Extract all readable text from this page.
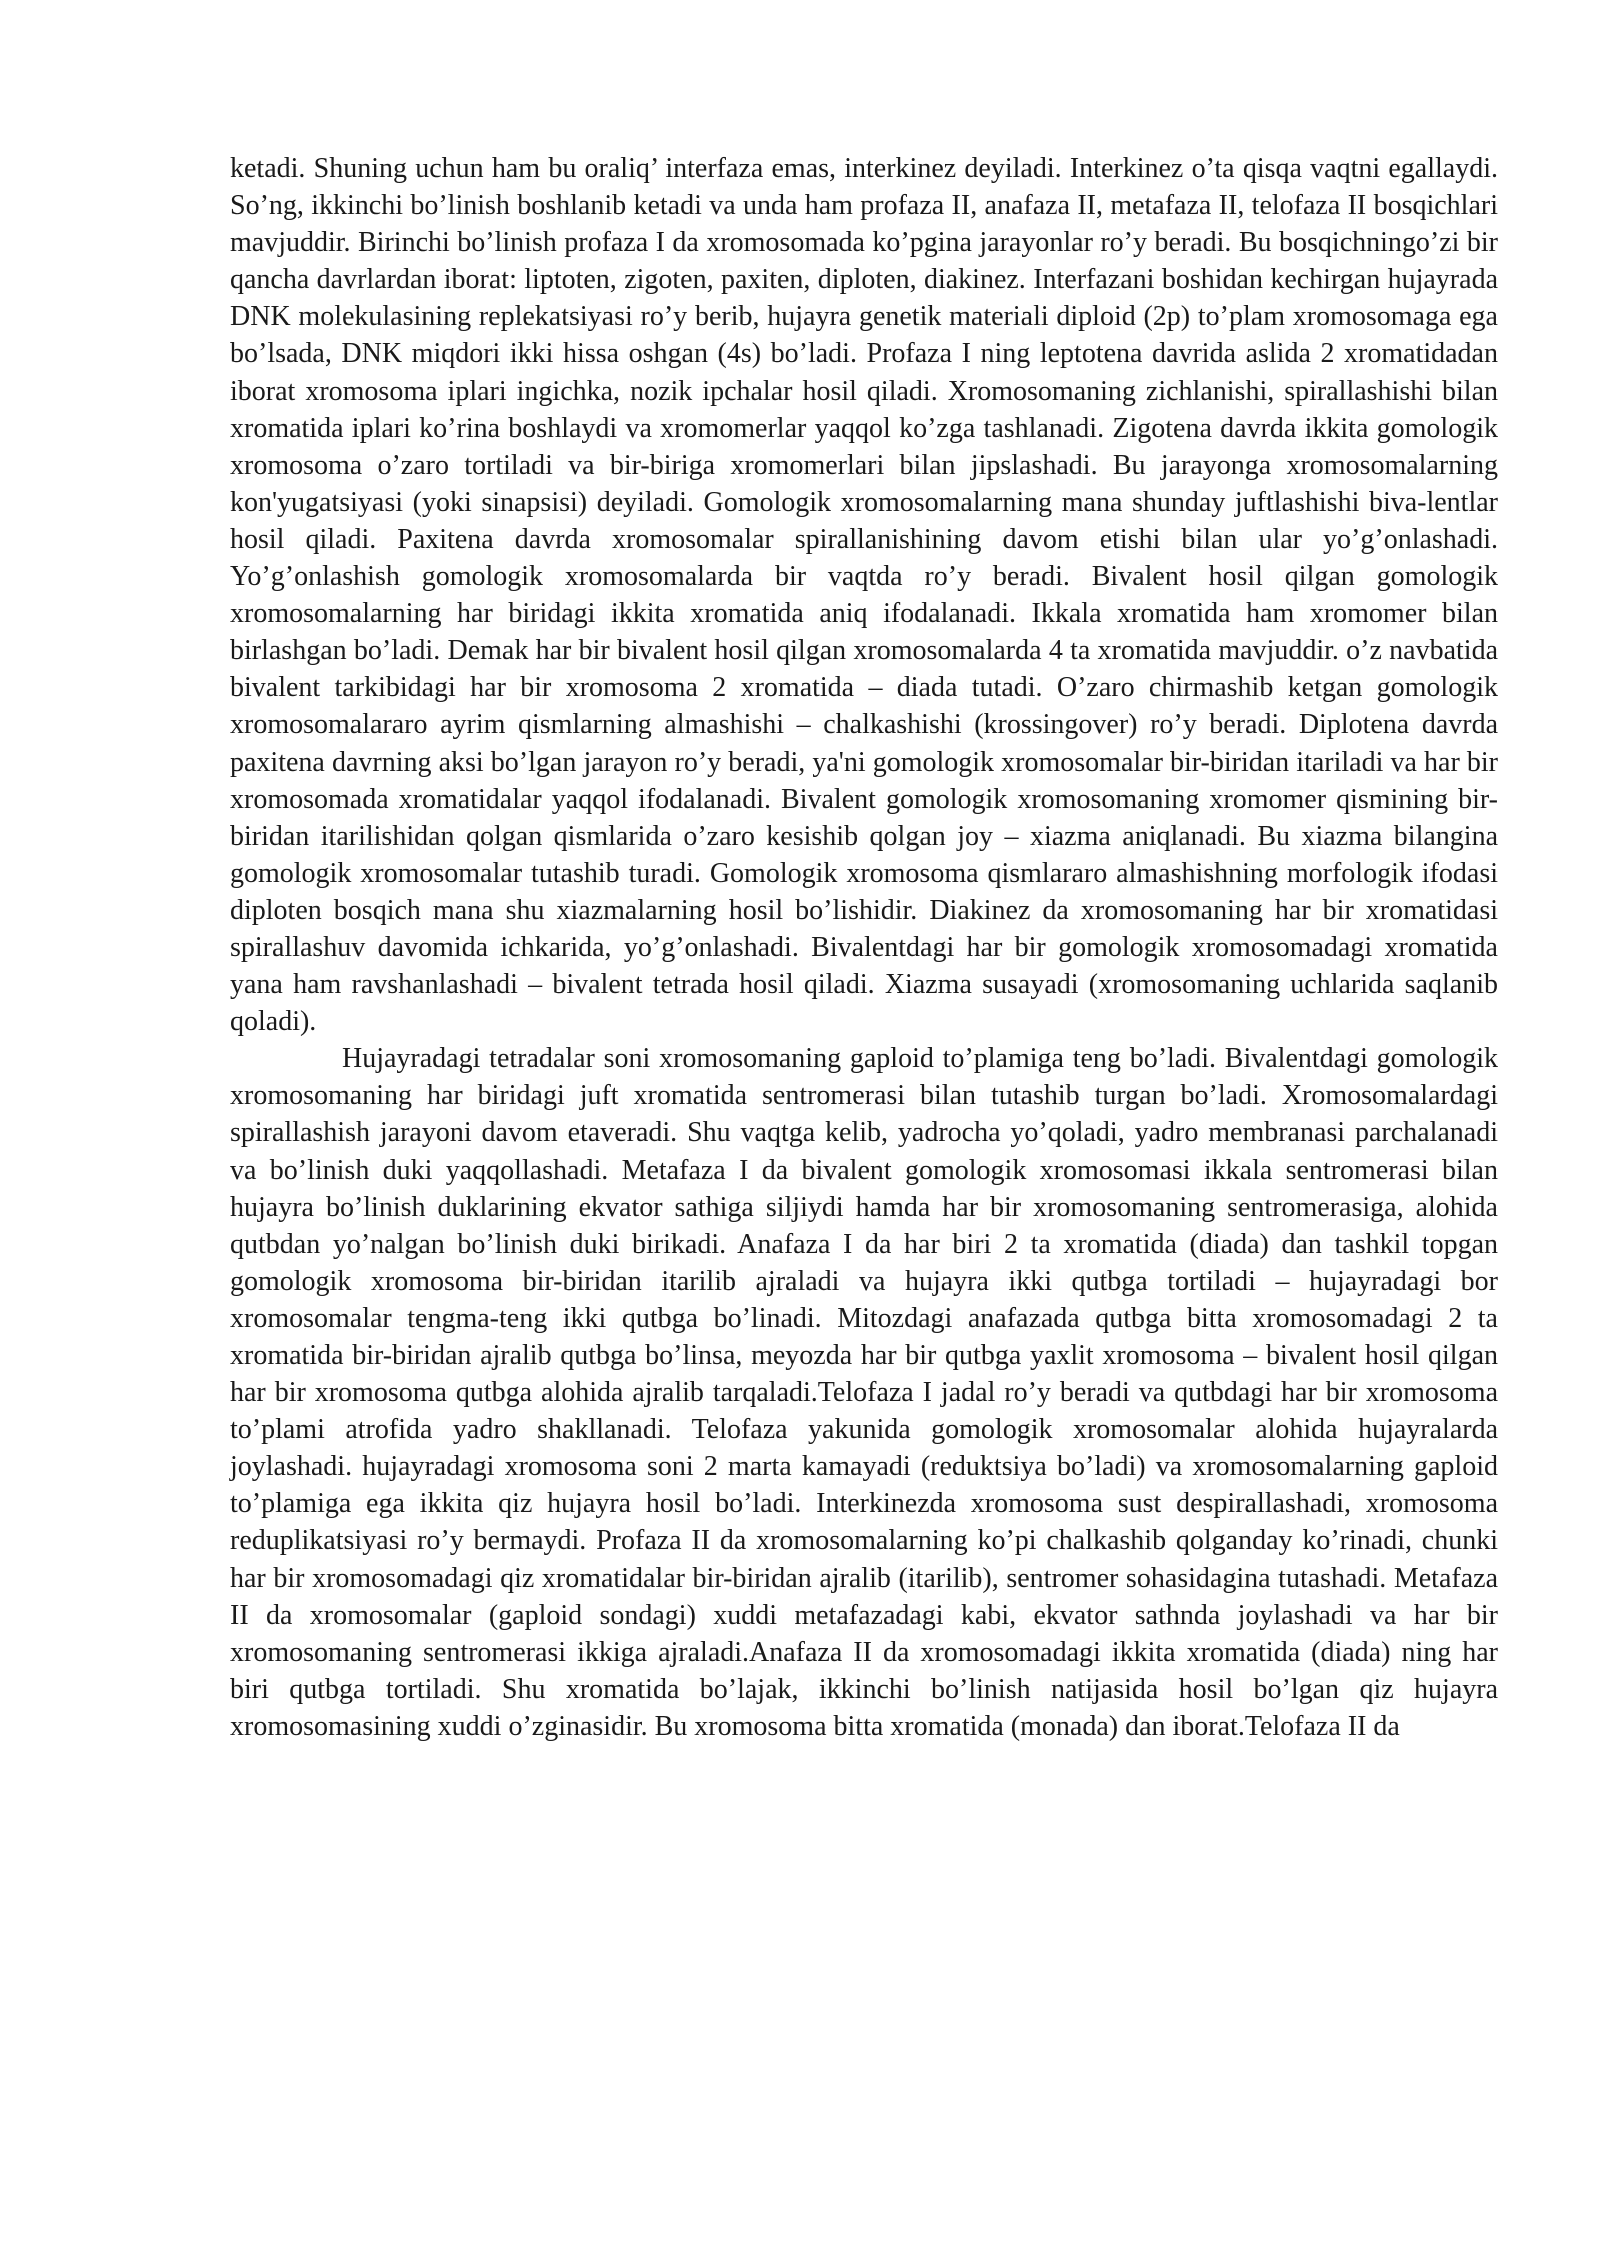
ketadi. Shuning uchun ham bu oraliq’ interfaza emas, interkinez deyiladi. Interkinez o’ta qisqa vaqtni egallaydi. So’ng, ikkinchi bo’linish boshlanib ketadi va unda ham profaza II, anafaza II, metafaza II, telofaza II bosqichlari mavjuddir. Birinchi bo’linish profaza I da xromosomada ko’pgina jarayonlar ro’y beradi. Bu bosqichningo’zi bir qancha davrlardan iborat: liptoten, zigoten, paxiten, diploten, diakinez. Interfazani boshidan kechirgan hujayrada DNK molekulasining replekatsiyasi ro’y berib, hujayra genetik materiali diploid (2p) to’plam xromosomaga ega bo’lsada, DNK miqdori ikki hissa oshgan (4s) bo’ladi. Profaza I ning leptotena davrida aslida 2 xromatidadan iborat xromosoma iplari ingichka, nozik ipchalar hosil qiladi. Xromosomaning zichlanishi, spirallashishi bilan xromatida iplari ko’rina boshlaydi va xromomerlar yaqqol ko’zga tashlanadi. Zigotena davrda ikkita gomologik xromosoma o’zaro tortiladi va bir-biriga xromomerlari bilan jipslashadi. Bu jarayonga xromosomalarning kon'yugatsiyasi (yoki sinapsisi) deyiladi. Gomologik xromosomalarning mana shunday juftlashishi biva-lentlar hosil qiladi. Paxitena davrda xromosomalar spirallanishining davom etishi bilan ular yo’g’onlashadi. Yo’g’onlashish gomologik xromosomalarda bir vaqtda ro’y beradi. Bivalent hosil qilgan gomologik xromosomalarning har biridagi ikkita xromatida aniq ifodalanadi. Ikkala xromatida ham xromomer bilan birlashgan bo’ladi. Demak har bir bivalent hosil qilgan xromosomalarda 4 ta xromatida mavjuddir. o’z navbatida bivalent tarkibidagi har bir xromosoma 2 xromatida – diada tutadi. O’zaro chirmashib ketgan gomologik xromosomalararo ayrim qismlarning almashishi – chalkashishi (krossingover) ro’y beradi. Diplotena davrda paxitena davrning aksi bo’lgan jarayon ro’y beradi, ya'ni gomologik xromosomalar bir-biridan itariladi va har bir xromosomada xromatidalar yaqqol ifodalanadi. Bivalent gomologik xromosomaning xromomer qismining bir-biridan itarilishidan qolgan qismlarida o’zaro kesishib qolgan joy – xiazma aniqlanadi. Bu xiazma bilangina gomologik xromosomalar tutashib turadi. Gomologik xromosoma qismlararo almashishning morfologik ifodasi diploten bosqich mana shu xiazmalarning hosil bo’lishidir. Diakinez da xromosomaning har bir xromatidasi spirallashuv davomida ichkarida, yo’g’onlashadi. Bivalentdagi har bir gomologik xromosomadagi xromatida yana ham ravshanlashadi – bivalent tetrada hosil qiladi. Xiazma susayadi (xromosomaning uchlarida saqlanib qoladi).

Hujayradagi tetradalar soni xromosomaning gaploid to’plamiga teng bo’ladi. Bivalentdagi gomologik xromosomaning har biridagi juft xromatida sentromerasi bilan tutashib turgan bo’ladi. Xromosomalardagi spirallashish jarayoni davom etaveradi. Shu vaqtga kelib, yadrocha yo’qoladi, yadro membranasi parchalanadi va bo’linish duki yaqqollashadi. Metafaza I da bivalent gomologik xromosomasi ikkala sentromerasi bilan hujayra bo’linish duklarining ekvator sathiga siljiydi hamda har bir xromosomaning sentromerasiga, alohida qutbdan yo’nalgan bo’linish duki birikadi. Anafaza I da har biri 2 ta xromatida (diada) dan tashkil topgan gomologik xromosoma bir-biridan itarilib ajraladi va hujayra ikki qutbga tortiladi – hujayradagi bor xromosomalar tengma-teng ikki qutbga bo’linadi. Mitozdagi anafazada qutbga bitta xromosomadagi 2 ta xromatida bir-biridan ajralib qutbga bo’linsa, meyozda har bir qutbga yaxlit xromosoma – bivalent hosil qilgan har bir xromosoma qutbga alohida ajralib tarqaladi.Telofaza I jadal ro’y beradi va qutbdagi har bir xromosoma to’plami atrofida yadro shakllanadi. Telofaza yakunida gomologik xromosomalar alohida hujayralarda joylashadi. hujayradagi xromosoma soni 2 marta kamayadi (reduktsiya bo’ladi) va xromosomalarning gaploid to’plamiga ega ikkita qiz hujayra hosil bo’ladi. Interkinezda xromosoma sust despirallashadi, xromosoma reduplikatsiyasi ro’y bermaydi. Profaza II da xromosomalarning ko’pi chalkashib qolganday ko’rinadi, chunki har bir xromosomadagi qiz xromatidalar bir-biridan ajralib (itarilib), sentromer sohasidagina tutashadi. Metafaza II da xromosomalar (gaploid sondagi) xuddi metafazadagi kabi, ekvator sathnda joylashadi va har bir xromosomaning sentromerasi ikkiga ajraladi.Anafaza II da xromosomadagi ikkita xromatida (diada) ning har biri qutbga tortiladi. Shu xromatida bo’lajak, ikkinchi bo’linish natijasida hosil bo’lgan qiz hujayra xromosomasining xuddi o’zginasidir. Bu xromosoma bitta xromatida (monada) dan iborat.Telofaza II da
